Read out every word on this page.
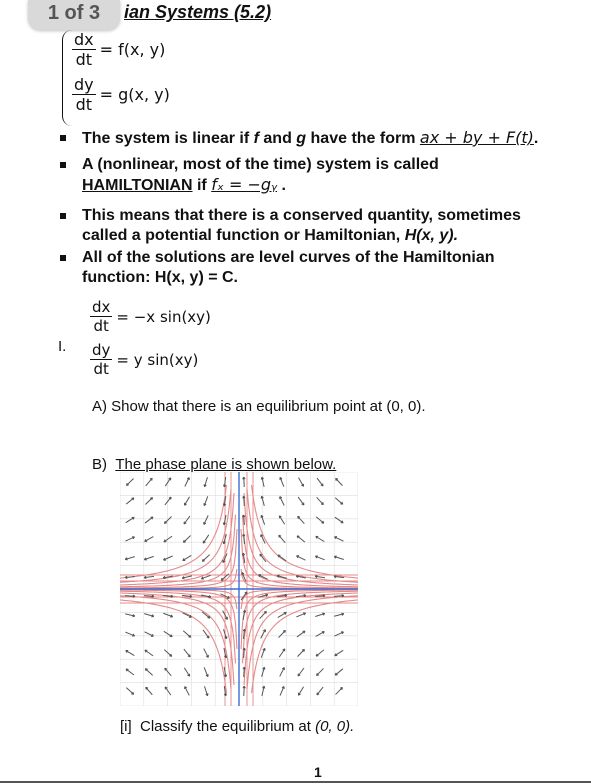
1 of 3	ian Systems (5.2)
$\frac{dx}{dt} = f(x$, y)
$\frac{dy}{dt} = g(x$, y)
The system is linear if f and g have the form ax + by + F(t).
A (nonlinear, most of the time) system is called
HAMILTONIAN if fₓ = −gᵧ .
This means that there is a conserved quantity, sometimes
called a potential function or Hamiltonian, H(x, y).
All of the solutions are level curves of the Hamiltonian
function: H(x, y) = C.
I.
$\frac{dx}{dt} = -x$ sin(xy)
$\frac{dy}{dt} = y$ sin(xy)
A) Show that there is an equilibrium point at (0, 0).
B) The phase plane is shown below.
[i] Classify the equilibrium at (0, 0).
1
